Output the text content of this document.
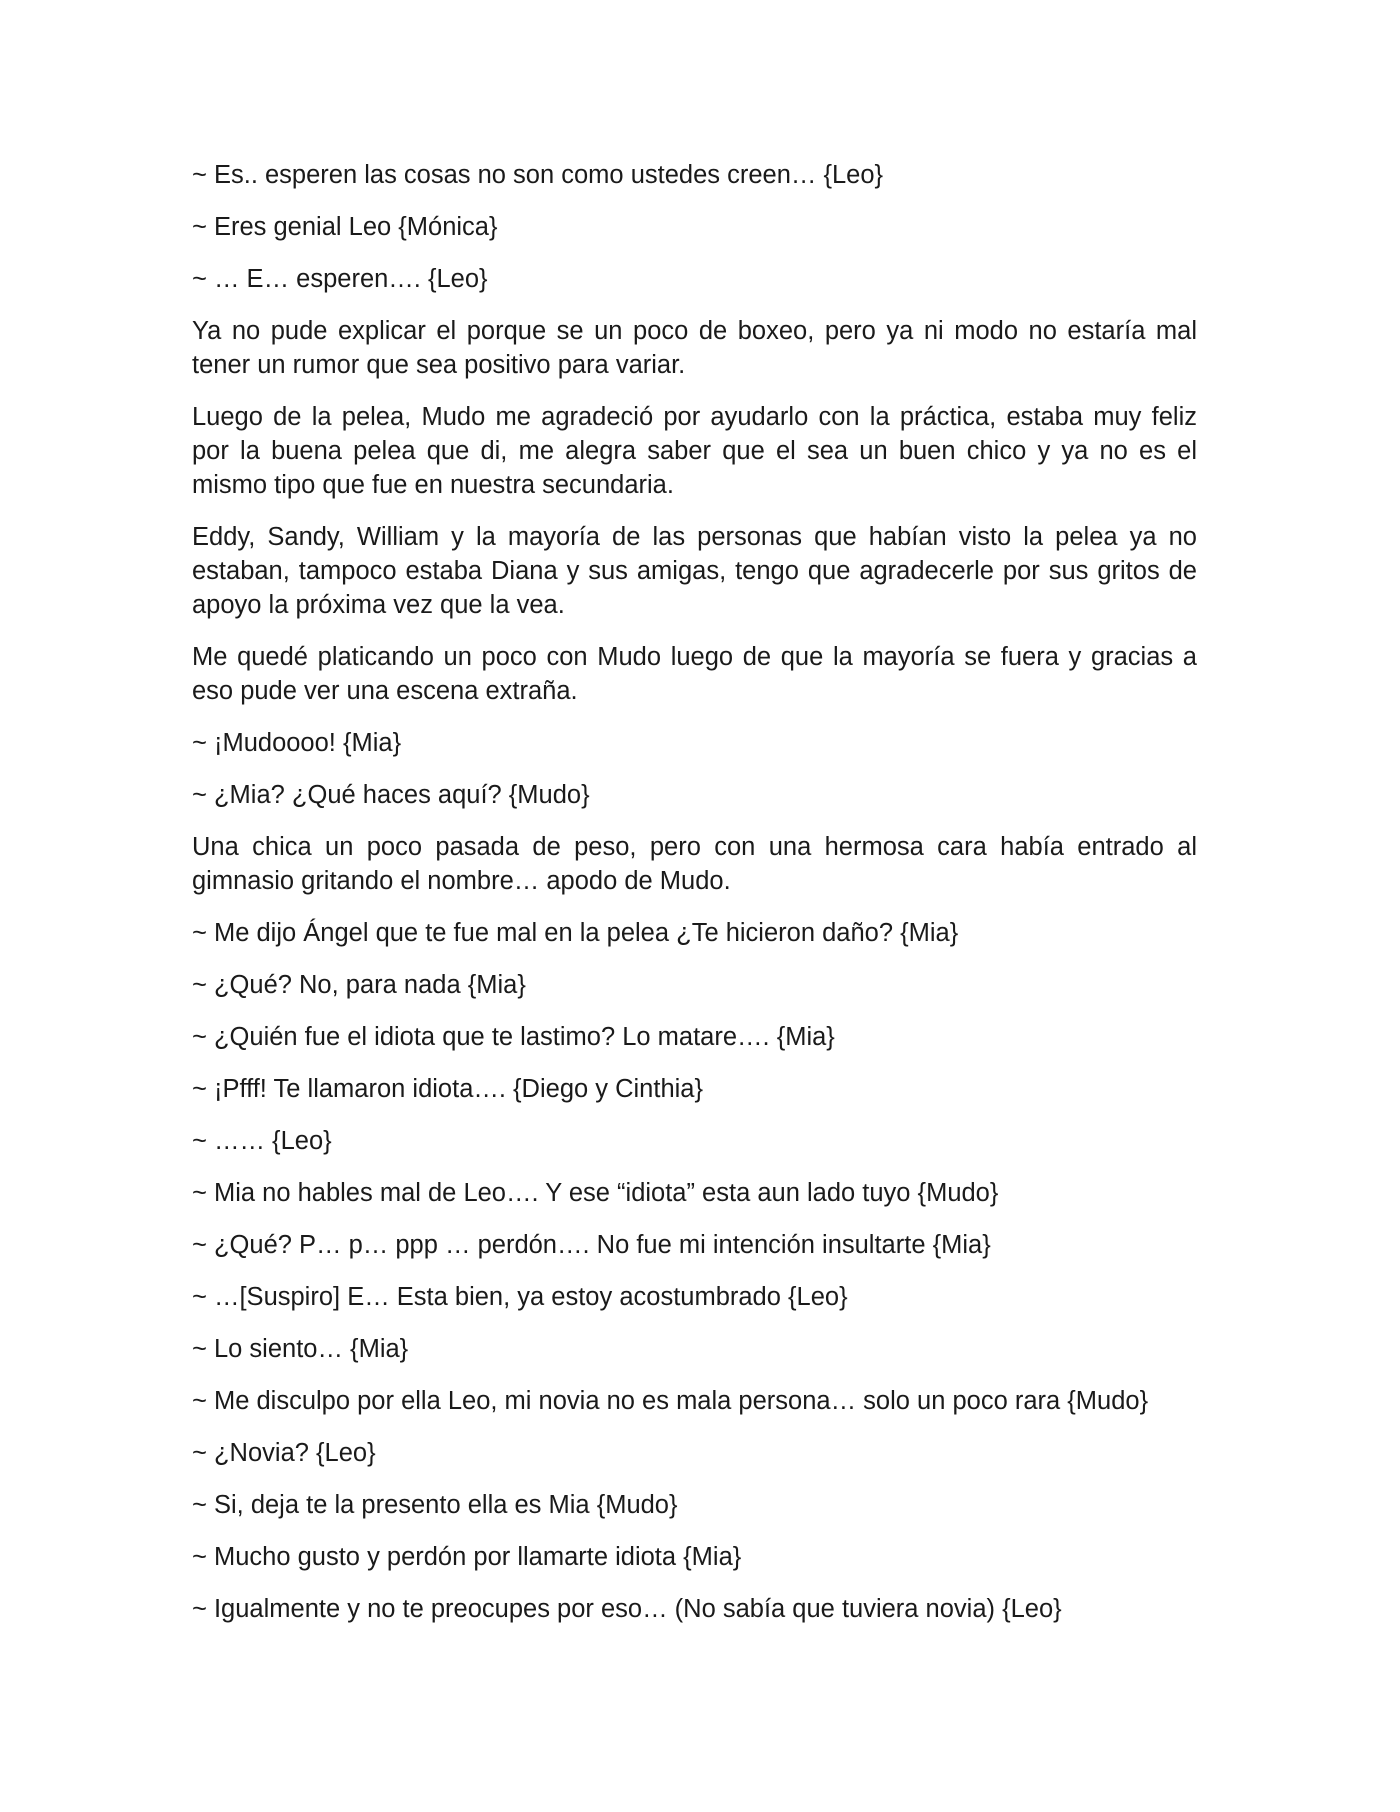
~ Es.. esperen las cosas no son como ustedes creen… {Leo}

~ Eres genial Leo {Mónica}

~ … E… esperen…. {Leo}

Ya no pude explicar el porque se un poco de boxeo, pero ya ni modo no estaría mal tener un rumor que sea positivo para variar.

Luego de la pelea, Mudo me agradeció por ayudarlo con la práctica, estaba muy feliz por la buena pelea que di, me alegra saber que el sea un buen chico y ya no es el mismo tipo que fue en nuestra secundaria.

Eddy, Sandy, William y la mayoría de las personas que habían visto la pelea ya no estaban, tampoco estaba Diana y sus amigas, tengo que agradecerle por sus gritos de apoyo la próxima vez que la vea.

Me quedé platicando un poco con Mudo luego de que la mayoría se fuera y gracias a eso pude ver una escena extraña.

~ ¡Mudoooo! {Mia}

~ ¿Mia? ¿Qué haces aquí? {Mudo}

Una chica un poco pasada de peso, pero con una hermosa cara había entrado al gimnasio gritando el nombre… apodo de Mudo.

~ Me dijo Ángel que te fue mal en la pelea ¿Te hicieron daño? {Mia}

~ ¿Qué? No, para nada {Mia}

~ ¿Quién fue el idiota que te lastimo? Lo matare…. {Mia}

~ ¡Pfff! Te llamaron idiota…. {Diego y Cinthia}

~ …… {Leo}

~ Mia no hables mal de Leo…. Y ese “idiota” esta aun lado tuyo {Mudo}

~ ¿Qué? P… p… ppp … perdón…. No fue mi intención insultarte {Mia}

~ …[Suspiro] E… Esta bien, ya estoy acostumbrado {Leo}

~ Lo siento… {Mia}

~ Me disculpo por ella Leo, mi novia no es mala persona… solo un poco rara {Mudo}

~ ¿Novia? {Leo}

~ Si, deja te la presento ella es Mia {Mudo}

~ Mucho gusto y perdón por llamarte idiota {Mia}

~ Igualmente y no te preocupes por eso… (No sabía que tuviera novia) {Leo}
